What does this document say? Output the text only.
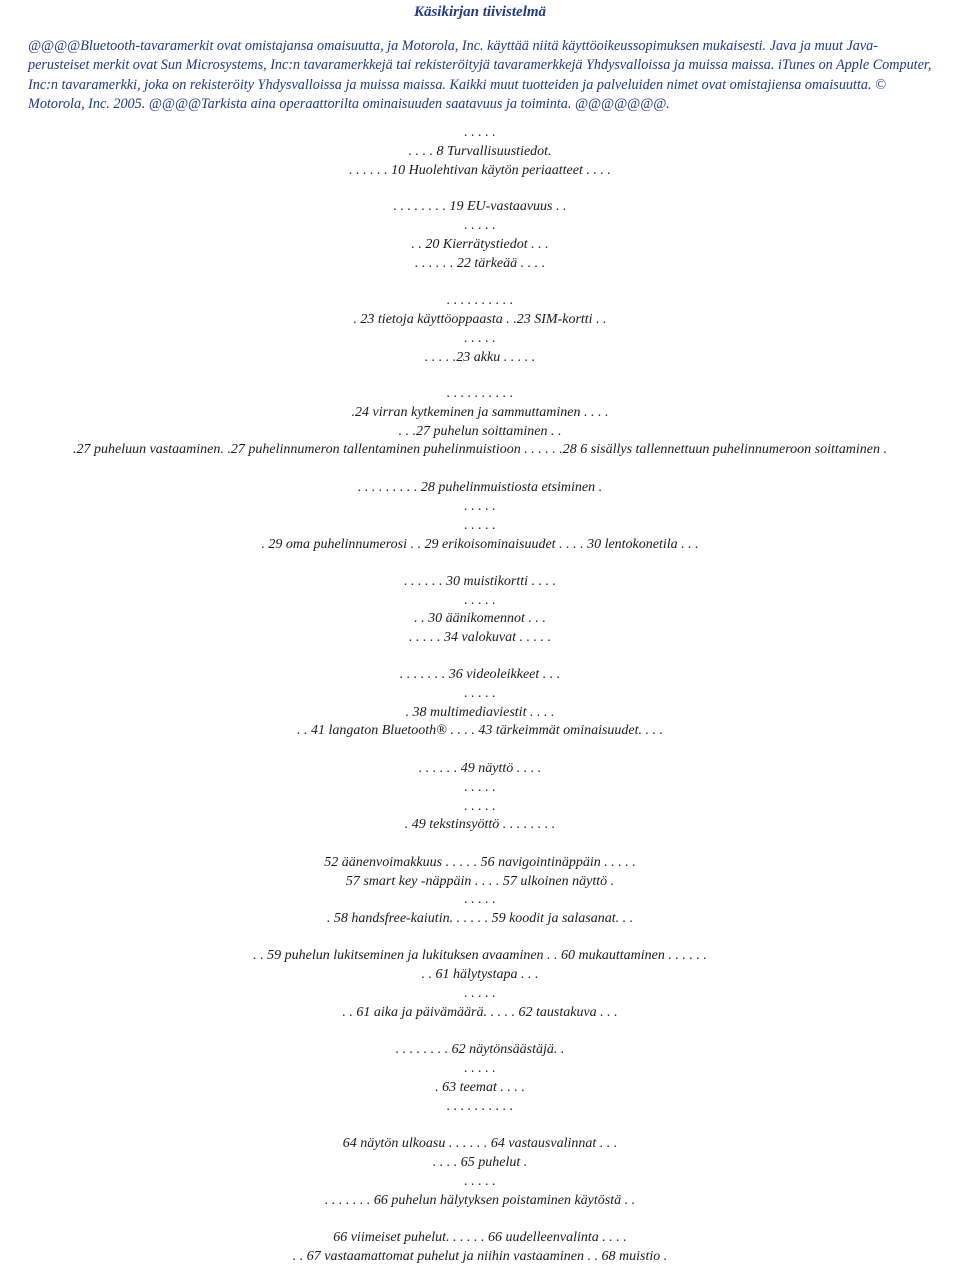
Käsikirjan tiivistelmä
@@@@Bluetooth-tavaramerkit ovat omistajansa omaisuutta, ja Motorola, Inc. käyttää niitä käyttöoikeussopimuksen mukaisesti. Java ja muut Java-perusteiset merkit ovat Sun Microsystems, Inc:n tavaramerkkejä tai rekisteröityjä tavaramerkkejä Yhdysvalloissa ja muissa maissa. iTunes on Apple Computer, Inc:n tavaramerkki, joka on rekisteröity Yhdysvalloissa ja muissa maissa. Kaikki muut tuotteiden ja palveluiden nimet ovat omistajiensa omaisuutta. © Motorola, Inc. 2005. @@@@Tarkista aina operaattorilta ominaisuuden saatavuus ja toiminta. @@@@@@@.
. . . . .
. . . . 8 Turvallisuustiedot.
. . . . . . 10 Huolehtivan käytön periaatteet . . . .
. . . . . . . . 19 EU-vastaavuus . .
. . . . .
. . 20 Kierrätystiedot . . .
. . . . . . 22 tärkeää . . . .
. . . . . . . . . .
. 23 tietoja käyttöoppaasta . .23 SIM-kortti . .
. . . . .
. . . . .23 akku . . . . .
. . . . . . . . . .
.24 virran kytkeminen ja sammuttaminen . . . .
. . .27 puhelun soittaminen . .
.27 puheluun vastaaminen. .27 puhelinnumeron tallentaminen puhelinmuistioon . . . . . .28 6 sisällys tallennettuun puhelinnumeroon soittaminen .
. . . . . . . . . 28 puhelinmuistiosta etsiminen .
. . . . .
. . . . .
. 29 oma puhelinnumerosi . . 29 erikoisominaisuudet . . . . 30 lentokonetila . . .
. . . . . . 30 muistikortti . . . .
. . . . .
. . 30 äänikomennot . . .
. . . . . 34 valokuvat . . . . .
. . . . . . . 36 videoleikkeet . . .
. . . . .
. 38 multimediaviestit . . . .
. . 41 langaton Bluetooth® . . . . 43 tärkeimmät ominaisuudet. . . .
. . . . . . 49 näyttö . . . .
. . . . .
. . . . .
. 49 tekstinsyöttö . . . . . . . .
52 äänenvoimakkuus . . . . . 56 navigointinäppäin . . . . .
57 smart key -näppäin . . . . 57 ulkoinen näyttö .
. . . . .
. 58 handsfree-kaiutin. . . . . . 59 koodit ja salasanat. . .
. . 59 puhelun lukitseminen ja lukituksen avaaminen . . 60 mukauttaminen . . . . . .
. . 61 hälytystapa . . .
. . . . .
. . 61 aika ja päivämäärä. . . . . 62 taustakuva . . .
. . . . . . . . 62 näytönsäästäjä. .
. . . . .
. 63 teemat . . . .
. . . . . . . . . .
64 näytön ulkoasu . . . . . . 64 vastausvalinnat . . .
. . . . 65 puhelut .
. . . . .
. . . . . . . 66 puhelun hälytyksen poistaminen käytöstä . .
66 viimeiset puhelut. . . . . . 66 uudelleenvalinta . . . .
. . 67 vastaamattomat puhelut ja niihin vastaaminen . . 68 muistio .
